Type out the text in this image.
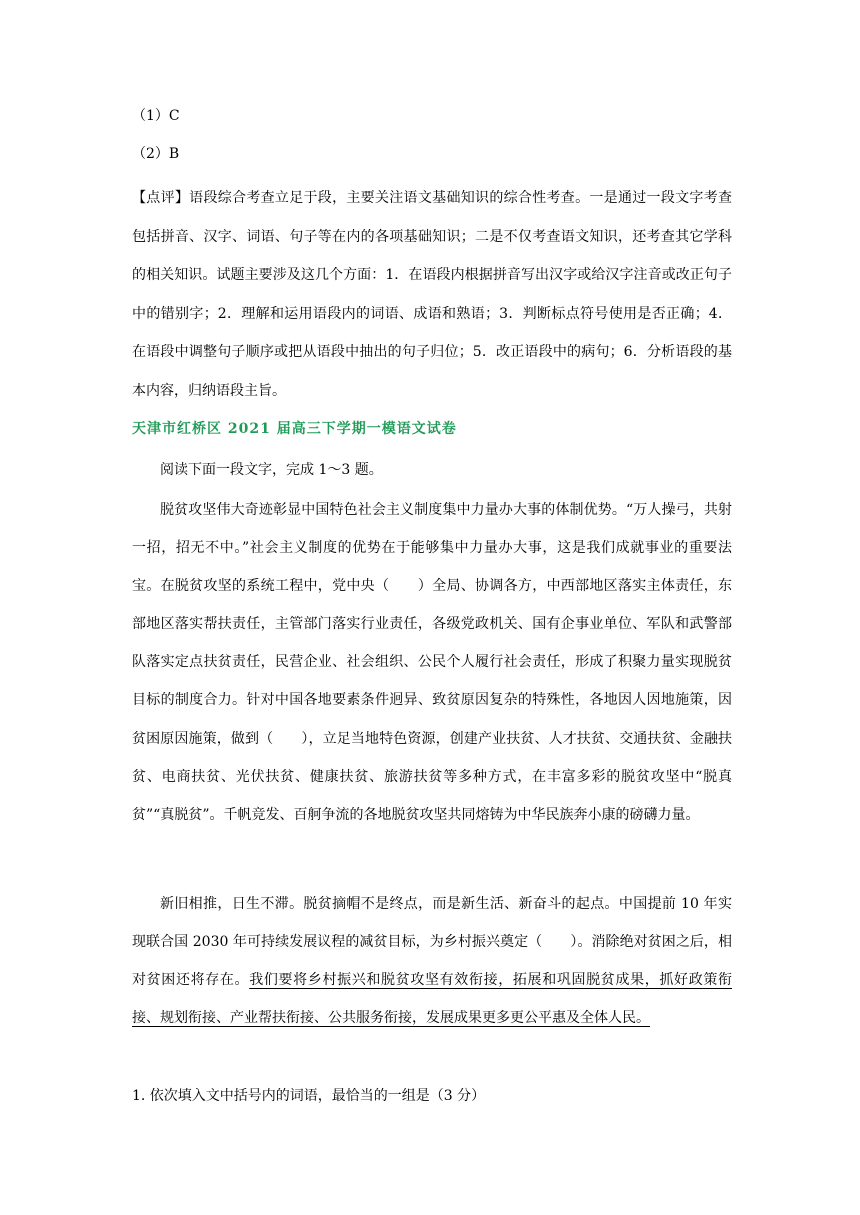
（1）C
（2）B

【点评】语段综合考查立足于段，主要关注语文基础知识的综合性考查。一是通过一段文字考查包括拼音、汉字、词语、句子等在内的各项基础知识；二是不仅考查语文知识，还考查其它学科的相关知识。试题主要涉及这几个方面：1．在语段内根据拼音写出汉字或给汉字注音或改正句子中的错别字；2．理解和运用语段内的词语、成语和熟语；3．判断标点符号使用是否正确；4．在语段中调整句子顺序或把从语段中抽出的句子归位；5．改正语段中的病句；6．分析语段的基本内容，归纳语段主旨。

天津市红桥区 2021 届高三下学期一模语文试卷

阅读下面一段文字，完成 1～3 题。

脱贫攻坚伟大奇迹彰显中国特色社会主义制度集中力量办大事的体制优势。“万人操弓，共射一招，招无不中。”社会主义制度的优势在于能够集中力量办大事，这是我们成就事业的重要法宝。在脱贫攻坚的系统工程中，党中央（　　）全局、协调各方，中西部地区落实主体责任，东部地区落实帮扶责任，主管部门落实行业责任，各级党政机关、国有企事业单位、军队和武警部队落实定点扶贫责任，民营企业、社会组织、公民个人履行社会责任，形成了积聚力量实现脱贫目标的制度合力。针对中国各地要素条件迥异、致贫原因复杂的特殊性，各地因人因地施策，因贫困原因施策，做到（　　），立足当地特色资源，创建产业扶贫、人才扶贫、交通扶贫、金融扶贫、电商扶贫、光伏扶贫、健康扶贫、旅游扶贫等多种方式，在丰富多彩的脱贫攻坚中“脱真贫”“真脱贫”。千帆竞发、百舸争流的各地脱贫攻坚共同熔铸为中华民族奔小康的磅礴力量。

新旧相推，日生不滞。脱贫摘帽不是终点，而是新生活、新奋斗的起点。中国提前 10 年实现联合国 2030 年可持续发展议程的减贫目标，为乡村振兴奠定（　　）。消除绝对贫困之后，相对贫困还将存在。我们要将乡村振兴和脱贫攻坚有效衔接，拓展和巩固脱贫成果，抓好政策衔接、规划衔接、产业帮扶衔接、公共服务衔接，发展成果更多更公平惠及全体人民。

1. 依次填入文中括号内的词语，最恰当的一组是（3 分）
